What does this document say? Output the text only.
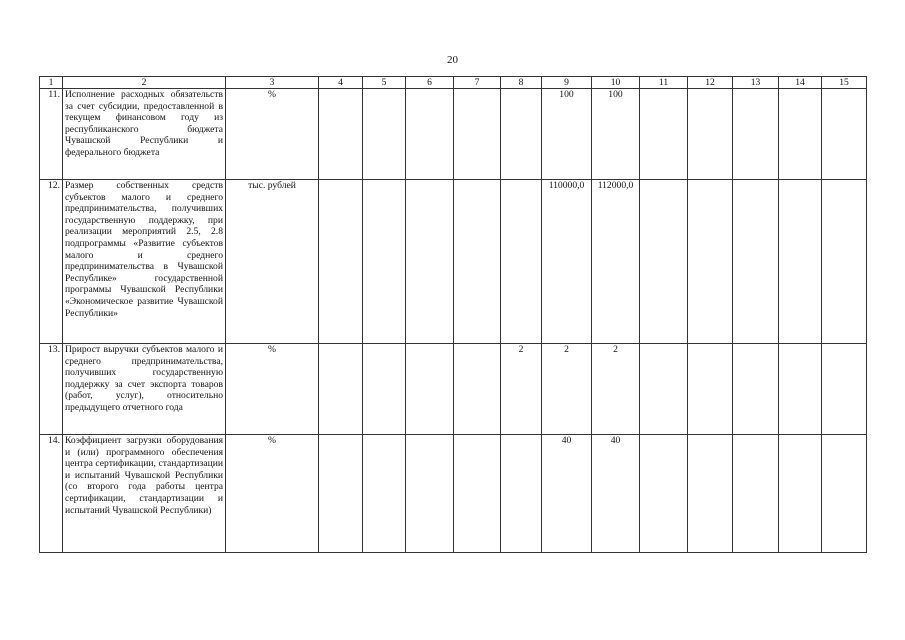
20
1	2	3	4	5	6	7	8	9	10	11	12	13	14	15
11.	Исполнение расходных обязательств за счет субсидии, предоставленной в текущем финансовом году из республиканского бюджета Чувашской Республики и федерального бюджета	%						100	100					
12.	Размер собственных средств субъектов малого и среднего предпринимательства, получивших государственную поддержку, при реализации мероприятий 2.5, 2.8 подпрограммы «Развитие субъектов малого и среднего предпринимательства в Чувашской Республике» государственной программы Чувашской Республики «Экономическое развитие Чувашской Республики»	тыс. рублей						110000,0	112000,0					
13.	Прирост выручки субъектов малого и среднего предпринимательства, получивших государственную поддержку за счет экспорта товаров (работ, услуг), относительно предыдущего отчетного года	%					2	2	2					
14.	Коэффициент загрузки оборудования и (или) программного обеспечения центра сертификации, стандартизации и испытаний Чувашской Республики (со второго года работы центра сертификации, стандартизации и испытаний Чувашской Республики)	%						40	40					
